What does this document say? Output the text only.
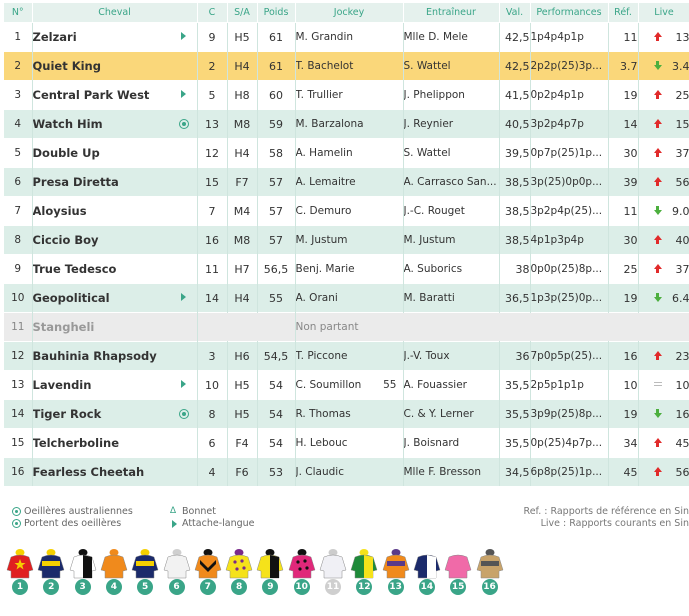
N°	Cheval	C	S/A	Poids	Jockey	Entraîneur	Val.	Performances	Réf.	Live
1	Zelzari	9	H5	61	M. Grandin	Mlle D. Mele	42,5	1p4p4p1p	11	13
2	Quiet King	2	H4	61	T. Bachelot	S. Wattel	42,5	2p2p(25)3p...	3.7	3.4
3	Central Park West	5	H8	60	T. Trullier	J. Phelippon	41,5	0p2p4p1p	19	25
4	Watch Him	13	M8	59	M. Barzalona	J. Reynier	40,5	3p2p4p7p	14	15
5	Double Up	12	H4	58	A. Hamelin	S. Wattel	39,5	0p7p(25)1p...	30	37
6	Presa Diretta	15	F7	57	A. Lemaitre	A. Carrasco San...	38,5	3p(25)0p0p...	39	56
7	Aloysius	7	M4	57	C. Demuro	J.-C. Rouget	38,5	3p2p4p(25)...	11	9.0
8	Ciccio Boy	16	M8	57	M. Justum	M. Justum	38,5	4p1p3p4p	30	40
9	True Tedesco	11	H7	56,5	Benj. Marie	A. Suborics	38	0p0p(25)8p...	25	37
10	Geopolitical	14	H4	55	A. Orani	M. Baratti	36,5	1p3p(25)0p...	19	6.4
11	Stangheli				Non partant					
12	Bauhinia Rhapsody	3	H6	54,5	T. Piccone	J.-V. Toux	36	7p0p5p(25)...	16	23
13	Lavendin	10	H5	54	C. Soumillon 55	A. Fouassier	35,5	2p5p1p1p	10	10
14	Tiger Rock	8	H5	54	R. Thomas	C. & Y. Lerner	35,5	3p9p(25)8p...	19	16
15	Telcherboline	6	F4	54	H. Lebouc	J. Boisnard	35,5	0p(25)4p7p...	34	45
16	Fearless Cheetah	4	F6	53	J. Claudic	Mlle F. Bresson	34,5	6p8p(25)1p...	45	56
Oeillères australiennes
Portent des oeillères
∆ Bonnet
Attache-langue
Ref. : Rapports de référence en Sin
Live : Rapports courants en Sin
1	2	3	4	5	6	7	8	9	10 11 12 13 14 15 16
